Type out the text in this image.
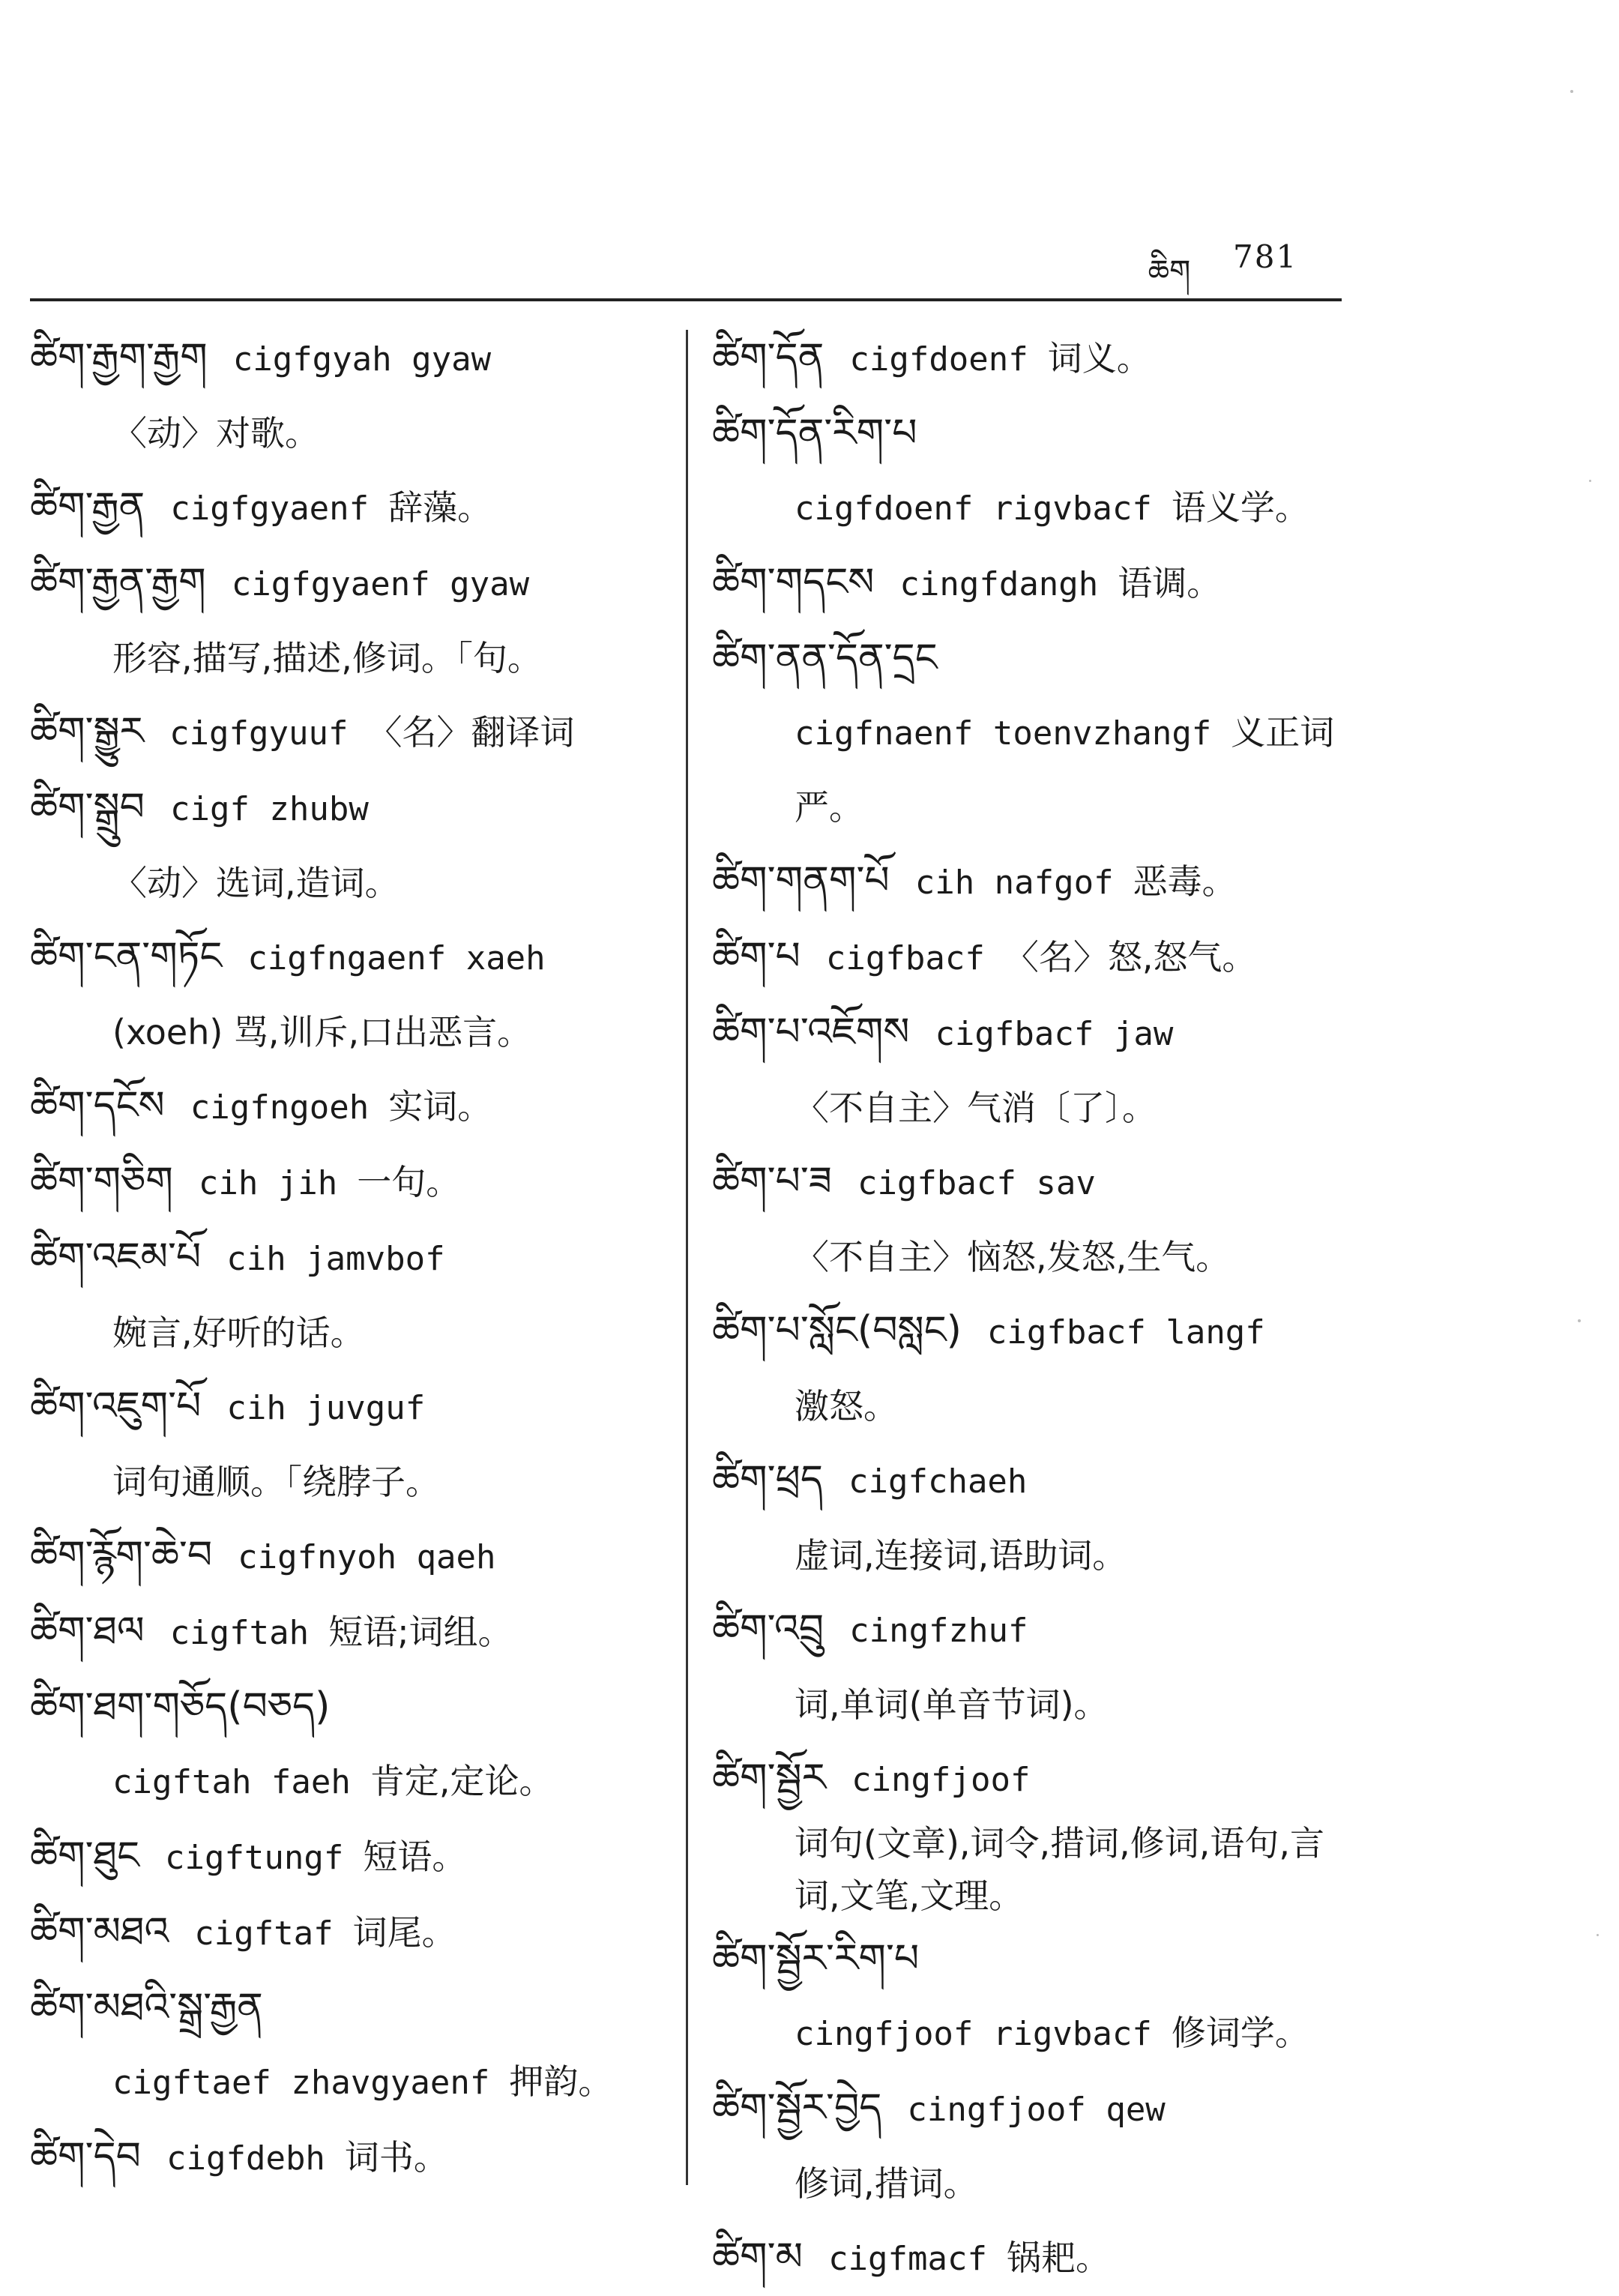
ཆིག	781
ཚིག་རྒྱག་རྒྱག cigfgyah gyaw
〈动〉对歌。
ཚིག་རྒྱན cigfgyaenf 辞藻。
ཚིག་རྒྱན་རྒྱག cigfgyaenf gyaw
形容,描写,描述,修词。「句。
ཚིག་སྒྱུར cigfgyuuf 〈名〉翻译词
ཚིག་སྒྲུབ cigf zhubw
〈动〉选词,造词。
ཚིག་ངན་གཏོང cigfngaenf xaeh
(xoeh) 骂,训斥,口出恶言。
ཚིག་དངོས cigfngoeh 实词。
ཚིག་གཅིག cih jih 一句。
ཚིག་འཇམ་པོ cih jamvbof
婉言,好听的话。
ཚིག་འཇུག་པོ cih juvguf
词句通顺。「绕脖子。
ཚིག་རྙོག་ཆེ་བ cigfnyoh qaeh
ཚིག་ཐལ cigftah 短语;词组。
ཚིག་ཐག་གཅོད(བཅད)
cigftah faeh 肯定,定论。
ཚིག་ཐུང cigftungf 短语。
ཚིག་མཐའ cigftaf 词尾。
ཚིག་མཐའི་སྒྲ་རྒྱན
cigftaef zhavgyaenf 押韵。
ཚིག་དེབ cigfdebh 词书。
ཚིག་དོན cigfdoenf 词义。
ཚིག་དོན་རིག་པ
cigfdoenf rigvbacf 语义学。
ཚིག་གདངས cingfdangh 语调。
ཚིག་ནན་དོན་དྲང
cigfnaenf toenvzhangf 义正词严。
ཚིག་གནག་པོ cih nafgof 恶毒。
ཚིག་པ cigfbacf 〈名〉怒,怒气。
ཚིག་པ་འཇོགས cigfbacf jaw
〈不自主〉气消〔了〕。
ཚིག་པ་ཟ cigfbacf sav
〈不自主〉恼怒,发怒,生气。
ཚིག་པ་སློང(བསླང) cigfbacf langf
激怒。
ཚིག་ཕྲད cigfchaeh
虚词,连接词,语助词。
ཚིག་འབྲུ cingfzhuf
词,单词(单音节词)。
ཚིག་སྦྱོར cingfjoof
词句(文章),词令,措词,修词,语句,言词,文笔,文理。
ཚིག་སྦྱོར་རིག་པ
cingfjoof rigvbacf 修词学。
ཚིག་སྦྱོར་བྱེད cingfjoof qew
修词,措词。
ཚིག་མ cigfmacf 锅耙。
